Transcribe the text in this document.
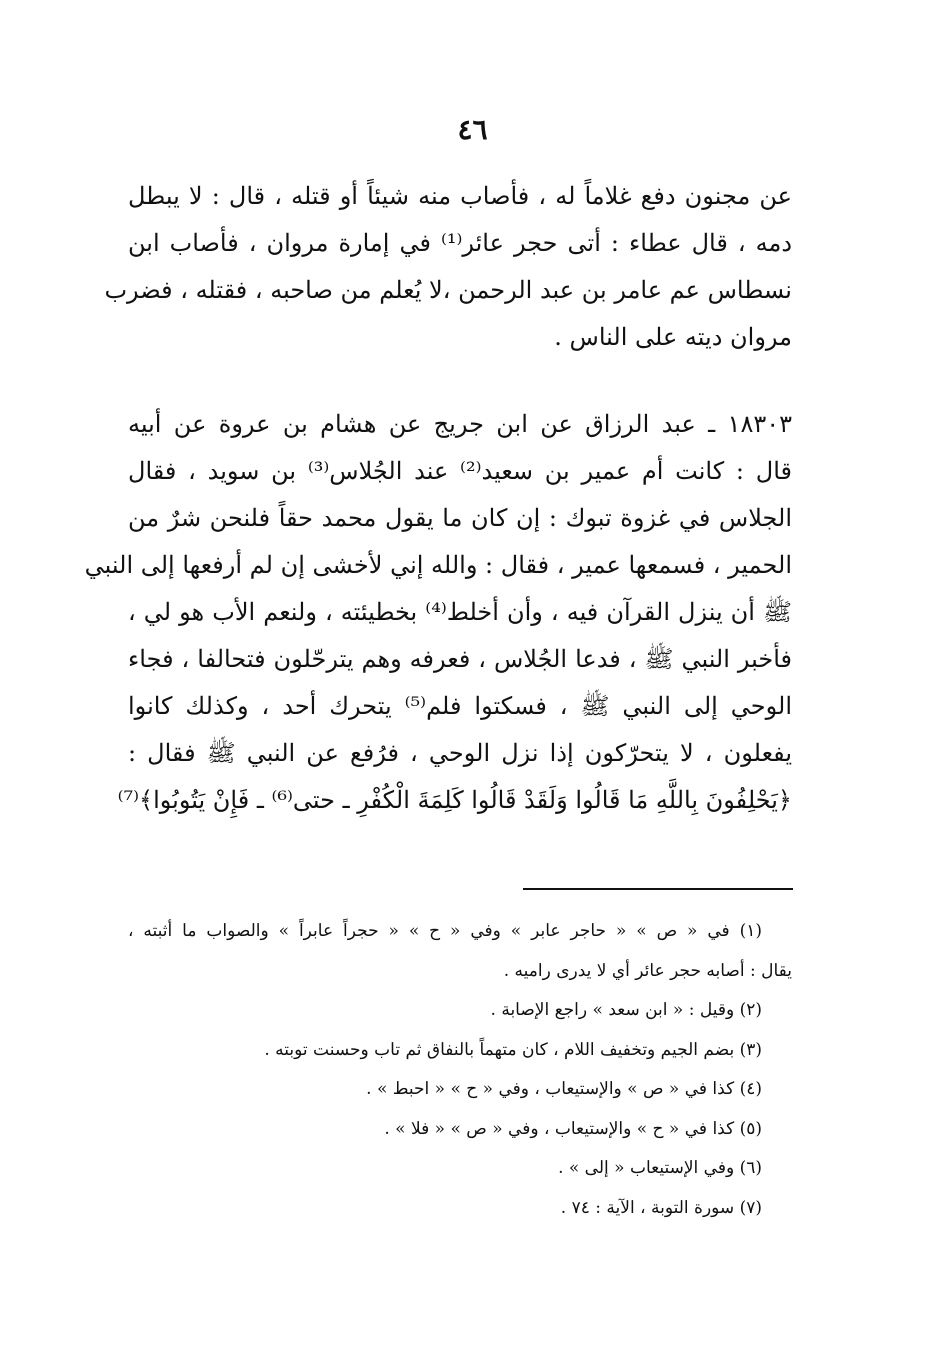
٤٦
عن مجنون دفع غلاماً له ، فأصاب منه شيئاً أو قتله ، قال : لا يبطل
دمه ، قال عطاء : أتى حجر عائر⁽¹⁾ في إمارة مروان ، فأصاب ابن
نسطاس عم عامر بن عبد الرحمن ،لا يُعلم من صاحبه ، فقتله ، فضرب
مروان ديته على الناس .
١٨٣٠٣ ـ عبد الرزاق عن ابن جريج عن هشام بن عروة عن أبيه
قال : كانت أم عمير بن سعيد⁽²⁾ عند الجُلاس⁽³⁾ بن سويد ، فقال
الجلاس في غزوة تبوك : إن كان ما يقول محمد حقاً فلنحن شرٌ من
الحمير ، فسمعها عمير ، فقال : والله إني لأخشى إن لم أرفعها إلى النبي
ﷺ أن ينزل القرآن فيه ، وأن أخلط⁽⁴⁾ بخطيئته ، ولنعم الأب هو لي ،
فأخبر النبي ﷺ ، فدعا الجُلاس ، فعرفه وهم يترحّلون فتحالفا ، فجاء
الوحي إلى النبي ﷺ ، فسكتوا فلم⁽⁵⁾ يتحرك أحد ، وكذلك كانوا
يفعلون ، لا يتحرّكون إذا نزل الوحي ، فرُفع عن النبي ﷺ فقال :
﴿يَحْلِفُونَ بِاللَّهِ مَا قَالُوا وَلَقَدْ قَالُوا كَلِمَةَ الْكُفْرِ ـ حتى⁽⁶⁾ ـ فَإِنْ يَتُوبُوا﴾⁽⁷⁾
(١) في « ص » « حاجر عابر » وفي « ح » « حجراً عابراً » والصواب ما أثبته ،
يقال : أصابه حجر عائر أي لا يدرى راميه .
(٢) وقيل : « ابن سعد » راجع الإصابة .
(٣) بضم الجيم وتخفيف اللام ، كان متهماً بالنفاق ثم تاب وحسنت توبته .
(٤) كذا في « ص » والإستيعاب ، وفي « ح » « احبط » .
(٥) كذا في « ح » والإستيعاب ، وفي « ص » « فلا » .
(٦) وفي الإستيعاب « إلى » .
(٧) سورة التوبة ، الآية : ٧٤ .
